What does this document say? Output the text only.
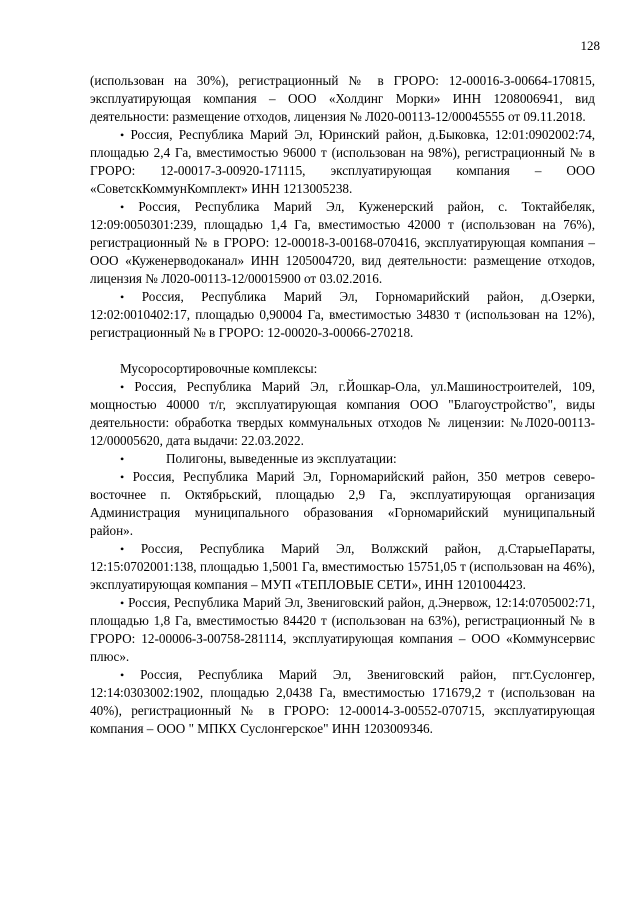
128

(использован на 30%), регистрационный № в ГРОРО: 12-00016-З-00664-170815, эксплуатирующая компания – ООО «Холдинг Морки» ИНН 1208006941, вид деятельности: размещение отходов, лицензия № Л020-00113-12/00045555 от 09.11.2018.

• Россия, Республика Марий Эл, Юринский район, д.Быковка, 12:01:0902002:74, площадью 2,4 Га, вместимостью 96000 т (использован на 98%), регистрационный № в ГРОРО: 12-00017-З-00920-171115, эксплуатирующая компания – ООО «СоветскКоммунКомплект» ИНН 1213005238.

• Россия, Республика Марий Эл, Куженерский район, с. Токтайбеляк, 12:09:0050301:239, площадью 1,4 Га, вместимостью 42000 т (использован на 76%), регистрационный № в ГРОРО: 12-00018-З-00168-070416, эксплуатирующая компания – ООО «Куженерводоканал» ИНН 1205004720, вид деятельности: размещение отходов, лицензия № Л020-00113-12/00015900 от 03.02.2016.

• Россия, Республика Марий Эл, Горномарийский район, д.Озерки, 12:02:0010402:17, площадью 0,90004 Га, вместимостью 34830 т (использован на 12%), регистрационный № в ГРОРО: 12-00020-З-00066-270218.

Мусоросортировочные комплексы:

• Россия, Республика Марий Эл, г.Йошкар-Ола, ул.Машиностроителей, 109, мощностью 40000 т/г, эксплуатирующая компания ООО "Благоустройство", виды деятельности: обработка твердых коммунальных отходов № лицензии: №Л020-00113-12/00005620, дата выдачи: 22.03.2022.

•	Полигоны, выведенные из эксплуатации:

• Россия, Республика Марий Эл, Горномарийский район, 350 метров северо-восточнее п. Октябрьский, площадью 2,9 Га, эксплуатирующая организация Администрация муниципального образования «Горномарийский муниципальный район».

• Россия, Республика Марий Эл, Волжский район, д.СтарыеПараты, 12:15:0702001:138, площадью 1,5001 Га, вместимостью 15751,05 т (использован на 46%), эксплуатирующая компания – МУП «ТЕПЛОВЫЕ СЕТИ», ИНН 1201004423.

• Россия, Республика Марий Эл, Звениговский район, д.Энервож, 12:14:0705002:71, площадью 1,8 Га, вместимостью 84420 т (использован на 63%), регистрационный № в ГРОРО: 12-00006-З-00758-281114, эксплуатирующая компания – ООО «Коммунсервис плюс».

• Россия, Республика Марий Эл, Звениговский район, пгт.Суслонгер, 12:14:0303002:1902, площадью 2,0438 Га, вместимостью 171679,2 т (использован на 40%), регистрационный № в ГРОРО: 12-00014-З-00552-070715, эксплуатирующая компания – ООО " МПКХ Суслонгерское" ИНН 1203009346.
